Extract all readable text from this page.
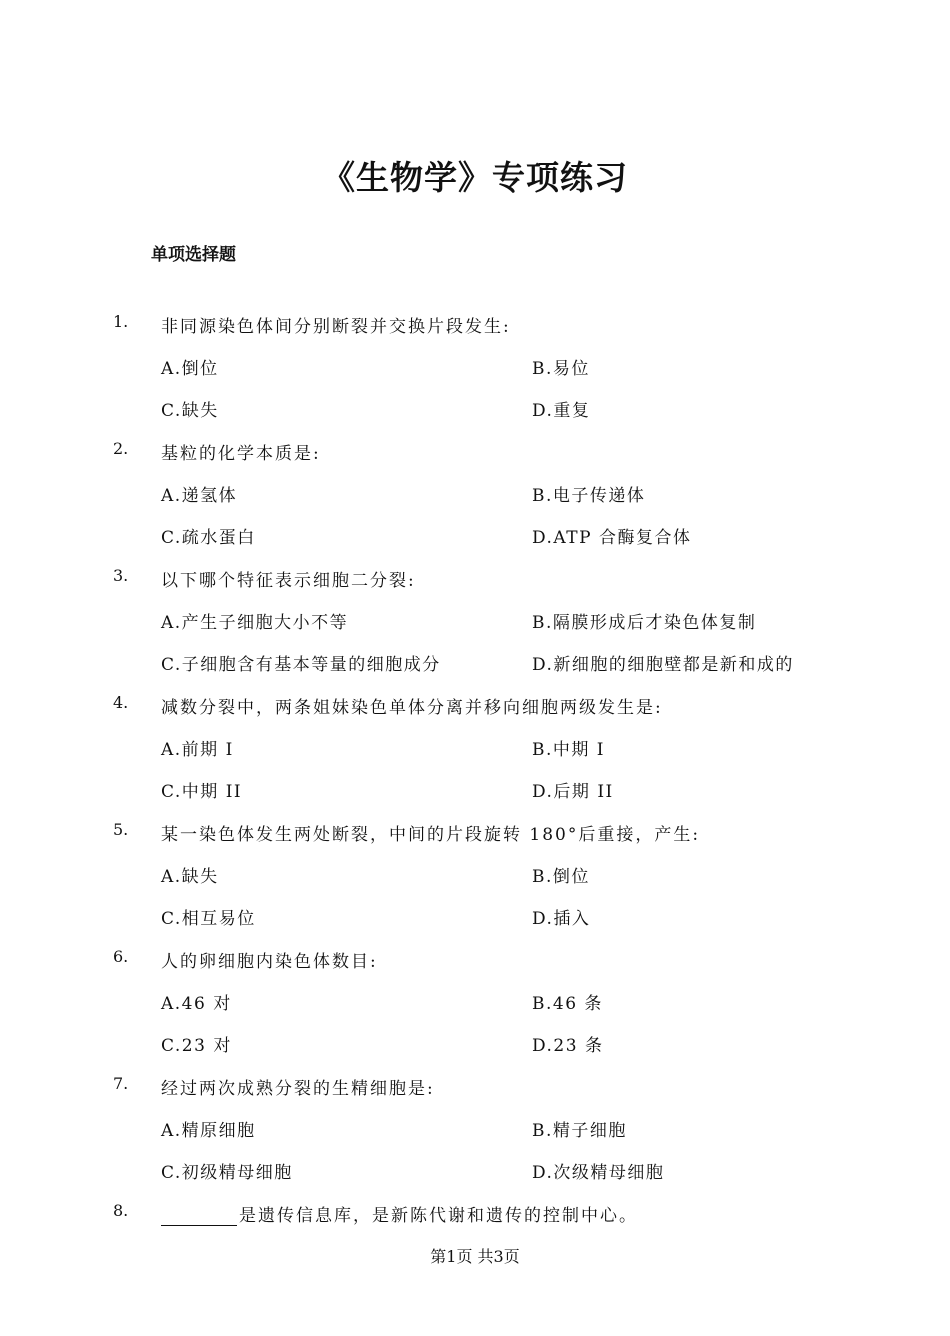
《生物学》专项练习
单项选择题
1. 非同源染色体间分别断裂并交换片段发生:
A.倒位	B.易位
C.缺失	D.重复
2. 基粒的化学本质是:
A.递氢体	B.电子传递体
C.疏水蛋白	D.ATP 合酶复合体
3. 以下哪个特征表示细胞二分裂:
A.产生子细胞大小不等	B.隔膜形成后才染色体复制
C.子细胞含有基本等量的细胞成分	D.新细胞的细胞壁都是新和成的
4. 减数分裂中，两条姐妹染色单体分离并移向细胞两级发生是:
A.前期 I	B.中期 I
C.中期 II	D.后期 II
5. 某一染色体发生两处断裂，中间的片段旋转 180°后重接，产生:
A.缺失	B.倒位
C.相互易位	D.插入
6. 人的卵细胞内染色体数目:
A.46 对	B.46 条
C.23 对	D.23 条
7. 经过两次成熟分裂的生精细胞是:
A.精原细胞	B.精子细胞
C.初级精母细胞	D.次级精母细胞
8.	是遗传信息库，是新陈代谢和遗传的控制中心。
第1页 共3页
